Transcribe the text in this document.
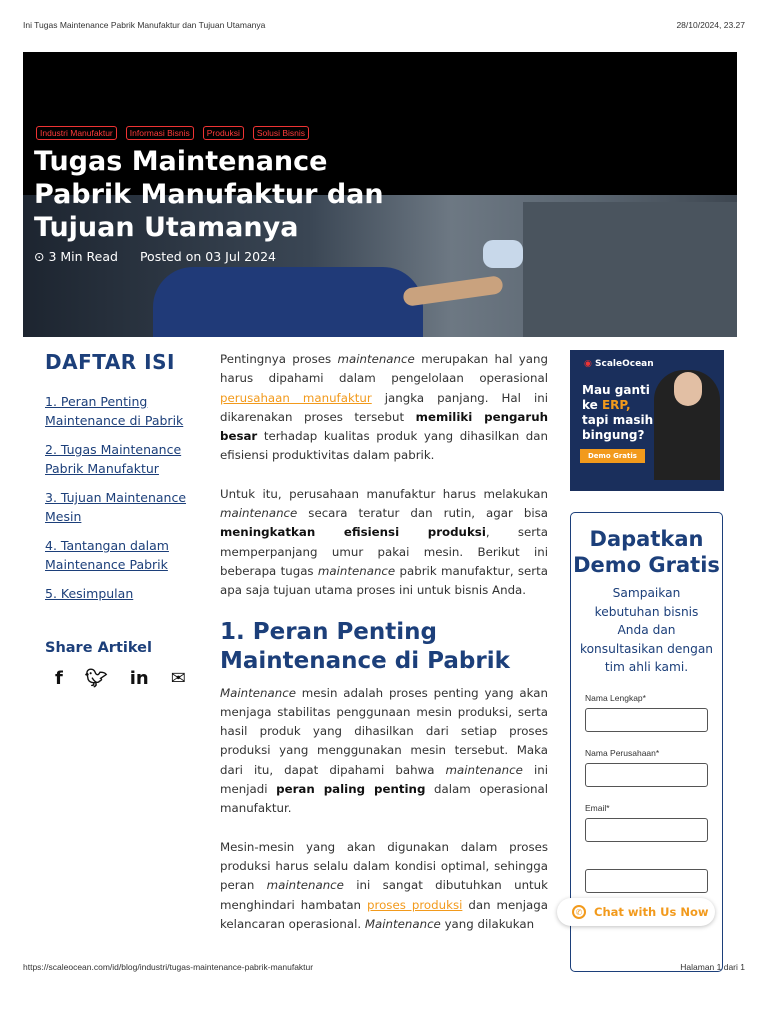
Ini Tugas Maintenance Pabrik Manufaktur dan Tujuan Utamanya	28/10/2024, 23.27
Industri Manufaktur	Informasi Bisnis	Produksi	Solusi Bisnis
Tugas Maintenance Pabrik Manufaktur dan Tujuan Utamanya
⊙ 3 Min Read Posted on 03 Jul 2024
DAFTAR ISI
1. Peran Penting Maintenance di Pabrik
2. Tugas Maintenance Pabrik Manufaktur
3. Tujuan Maintenance Mesin
4. Tantangan dalam Maintenance Pabrik
5. Kesimpulan
Share Artikel
f 🐦︎ in ✉

Pentingnya proses maintenance merupakan hal yang harus dipahami dalam pengelolaan operasional perusahaan manufaktur jangka panjang. Hal ini dikarenakan proses tersebut memiliki pengaruh besar terhadap kualitas produk yang dihasilkan dan efisiensi produktivitas dalam pabrik.

Untuk itu, perusahaan manufaktur harus melakukan maintenance secara teratur dan rutin, agar bisa meningkatkan efisiensi produksi, serta memperpanjang umur pakai mesin. Berikut ini beberapa tugas maintenance pabrik manufaktur, serta apa saja tujuan utama proses ini untuk bisnis Anda.

1. Peran Penting Maintenance di Pabrik

Maintenance mesin adalah proses penting yang akan menjaga stabilitas penggunaan mesin produksi, serta hasil produk yang dihasilkan dari setiap proses produksi yang menggunakan mesin tersebut. Maka dari itu, dapat dipahami bahwa maintenance ini menjadi peran paling penting dalam operasional manufaktur.

Mesin-mesin yang akan digunakan dalam proses produksi harus selalu dalam kondisi optimal, sehingga peran maintenance ini sangat dibutuhkan untuk menghindari hambatan proses produksi dan menjaga kelancaran operasional. Maintenance yang dilakukan

◉ ScaleOcean
Mau ganti
ke ERP,
tapi masih
bingung?
Demo Gratis
Dapatkan Demo Gratis
Sampaikan kebutuhan bisnis Anda dan konsultasikan dengan tim ahli kami.
Nama Lengkap*
Nama Perusahaan*
Email*
✆	Chat with Us Now
https://scaleocean.com/id/blog/industri/tugas-maintenance-pabrik-manufaktur	Halaman 1 dari 1
